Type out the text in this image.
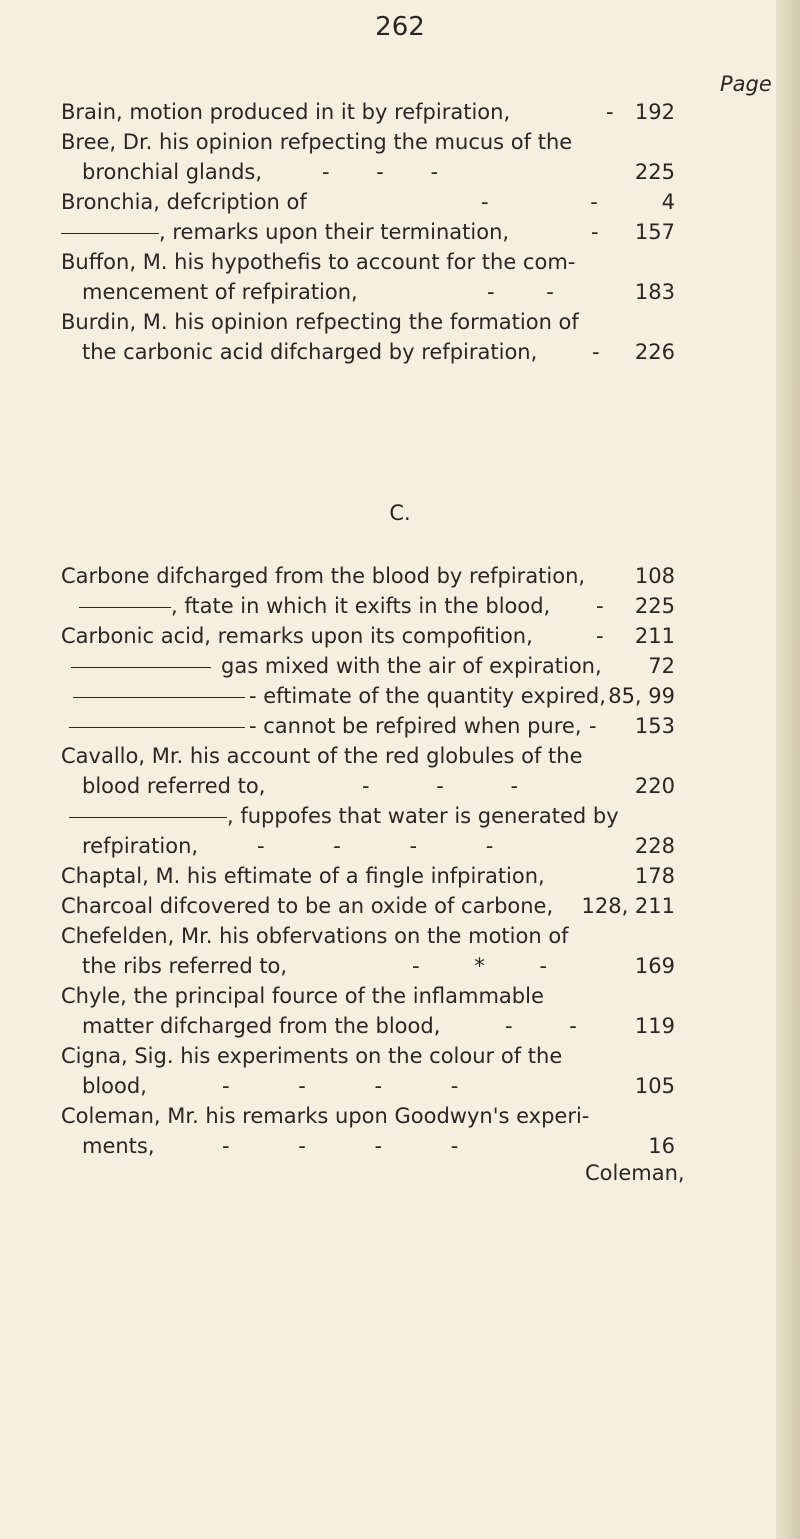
262
Page
Brain, motion produced in it by refpiration,	- 192
Bree, Dr. his opinion refpecting the mucus of the
bronchial glands,	- - -	225
Bronchia, defcription of	- -	4
, remarks upon their termination,	- 157
Buffon, M. his hypothefis to account for the com-
mencement of refpiration,	- -	183
Burdin, M. his opinion refpecting the formation of
the carbonic acid difcharged by refpiration,	- 226
C.
Carbone difcharged from the blood by refpiration, 108
, ftate in which it exifts in the blood, - 225
Carbonic acid, remarks upon its compofition,	- 211
gas mixed with the air of expiration, 72
- eftimate of the quantity expired, 85, 99
- cannot be refpired when pure, - 153
Cavallo, Mr. his account of the red globules of the
blood referred to,	- - -	220
, fuppofes that water is generated by
refpiration,	- - - -	228
Chaptal, M. his eftimate of a fingle infpiration,	178
Charcoal difcovered to be an oxide of carbone, 128, 211
Chefelden, Mr. his obfervations on the motion of
the ribs referred to,	- * -	169
Chyle, the principal fource of the inflammable
matter difcharged from the blood,	- -	119
Cigna, Sig. his experiments on the colour of the
blood,	- - - -	105
Coleman, Mr. his remarks upon Goodwyn's experi-
ments,	- - - -	16
Coleman,
